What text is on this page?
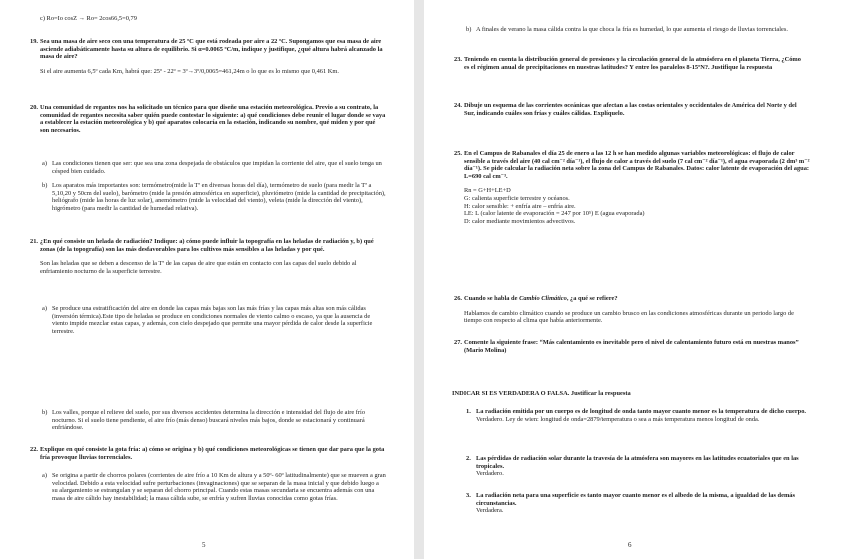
c) Ro=Io cosZ → Ro= 2cos66,5=0,79

19. Sea una masa de aire seco con una temperatura de 25 ºC que está rodeada por aire a 22 ºC. Supongamos que esa masa de aire asciende adiabáticamente hasta su altura de equilibrio. Si α=0.0065 ºC/m, indique y justifique, ¿qué altura habrá alcanzado la masa de aire?

Si el aire aumenta 6,5º cada Km, habrá que: 25º - 22º = 3º→3º/0,0065=461,24m o lo que es lo mismo que 0,461 Km.

20. Una comunidad de regantes nos ha solicitado un técnico para que diseñe una estación meteorológica. Previo a su contrato, la comunidad de regantes necesita saber quién puede contestar lo siguiente: a) qué condiciones debe reunir el lugar donde se vaya a establecer la estación meteorológica y b) qué aparatos colocaría en la estación, indicando su nombre, qué miden y por qué son necesarios.

a) Las condiciones tienen que ser: que sea una zona despejada de obstáculos que impidan la corriente del aire, que el suelo tenga un césped bien cuidado.

b) Los aparatos más importantes son: termómetro(mide la Tª en diversas horas del día), termómetro de suelo (para medir la Tª a 5,10,20 y 50cm del suelo), barómetro (mide la presión atmosférica en superficie), pluviómetro (mide la cantidad de precipitación), heliógrafo (mide las horas de luz solar), anemómetro (mide la velocidad del viento), veleta (mide la dirección del viento), higrómetro (para medir la cantidad de humedad relativa).

21. ¿En qué consiste un helada de radiación? Indique: a) cómo puede influir la topografía en las heladas de radiación y, b) qué zonas (de la topografía) son las más desfavorables para los cultivos más sensibles a las heladas y por qué.

Son las heladas que se deben a descenso de la Tª de las capas de aire que están en contacto con las capas del suelo debido al enfriamiento nocturno de la superficie terrestre.

a) Se produce una estratificación del aire en donde las capas más bajas son las más frías y las capas más altas son más cálidas (inversión térmica).Este tipo de heladas se produce en condiciones normales de viento calmo o escaso, ya que la ausencia de viento impide mezclar estas capas, y además, con cielo despejado que permite una mayor pérdida de calor desde la superficie terrestre.

b) Los valles, porque el relieve del suelo, por sus diversos accidentes determina la dirección e intensidad del flujo de aire frío nocturno. Si el suelo tiene pendiente, el aire frío (más denso) buscará niveles más bajos, donde se estacionará y continuará enfriándose.

22. Explique en qué consiste la gota fría: a) cómo se origina y b) qué condiciones meteorológicas se tienen que dar para que la gota fría provoque lluvias torrenciales.

a) Se origina a partir de chorros polares (corrientes de aire frío a 10 Km de altura y a 50º- 60º latitudinalmente) que se mueven a gran velocidad. Debido a esta velocidad sufre perturbaciones (invaginaciones) que se separan de la masa inicial y que debido luego a su alargamiento se estrangulan y se separan del chorro principal. Cuando estas masas secundaria se encuentra además con una masa de aire cálido hay inestabilidad; la masa cálida sube, se enfría y sufren lluvias conocidas como gotas frías.

5
b) A finales de verano la masa cálida contra la que choca la fría es humedad, lo que aumenta el riesgo de lluvias torrenciales.

23. Teniendo en cuenta la distribución general de presiones y la circulación general de la atmósfera en el planeta Tierra, ¿Cómo es el régimen anual de precipitaciones en nuestras latitudes? Y entre los paralelos 8-15ºN?. Justifique la respuesta

24. Dibuje un esquema de las corrientes oceánicas que afectan a las costas orientales y occidentales de América del Norte y del Sur, indicando cuáles son frías y cuáles cálidas. Explíquelo.

25. En el Campus de Rabanales el día 25 de enero a las 12 h se han medido algunas variables meteorológicas: el flujo de calor sensible a través del aire (40 cal cm⁻² día⁻¹), el flujo de calor a través del suelo (7 cal cm⁻² día⁻¹), el agua evaporada (2 dm³ m⁻² día⁻¹). Se pide calcular la radiación neta sobre la zona del Campus de Rabanales. Datos: calor latente de evaporación del agua: L=690 cal cm⁻³.

Rn = G+H+LE+D

G: calienta superficie terrestre y océanos.

H: calor sensible: + enfría aire – enfría aire.

LE: L (calor latente de evaporación = 247 por 10⁵) E (agua evaporada)

D: calor mediante movimientos advectivos.

26. Cuando se habla de Cambio Climático, ¿a qué se refiere?

Hablamos de cambio climático cuando se produce un cambio brusco en las condiciones atmosféricas durante un periodo largo de tiempo con respecto al clima que había anteriormente.

27. Comente la siguiente frase: “Más calentamiento es inevitable pero el nivel de calentamiento futuro está en nuestras manos” (Mario Molina)

INDICAR SI ES VERDADERA O FALSA. Justificar la respuesta
1. La radiación emitida por un cuerpo es de longitud de onda tanto mayor cuanto menor es la temperatura de dicho cuerpo.

Verdadero. Ley de wien: longitud de onda=2879/temperatura o sea a más temperatura menos longitud de onda.

2. Las pérdidas de radiación solar durante la travesía de la atmósfera son mayores en las latitudes ecuatoriales que en las tropicales.

Verdadero.

3. La radiación neta para una superficie es tanto mayor cuanto menor es el albedo de la misma, a igualdad de las demás circunstancias.

Verdadera.

6
